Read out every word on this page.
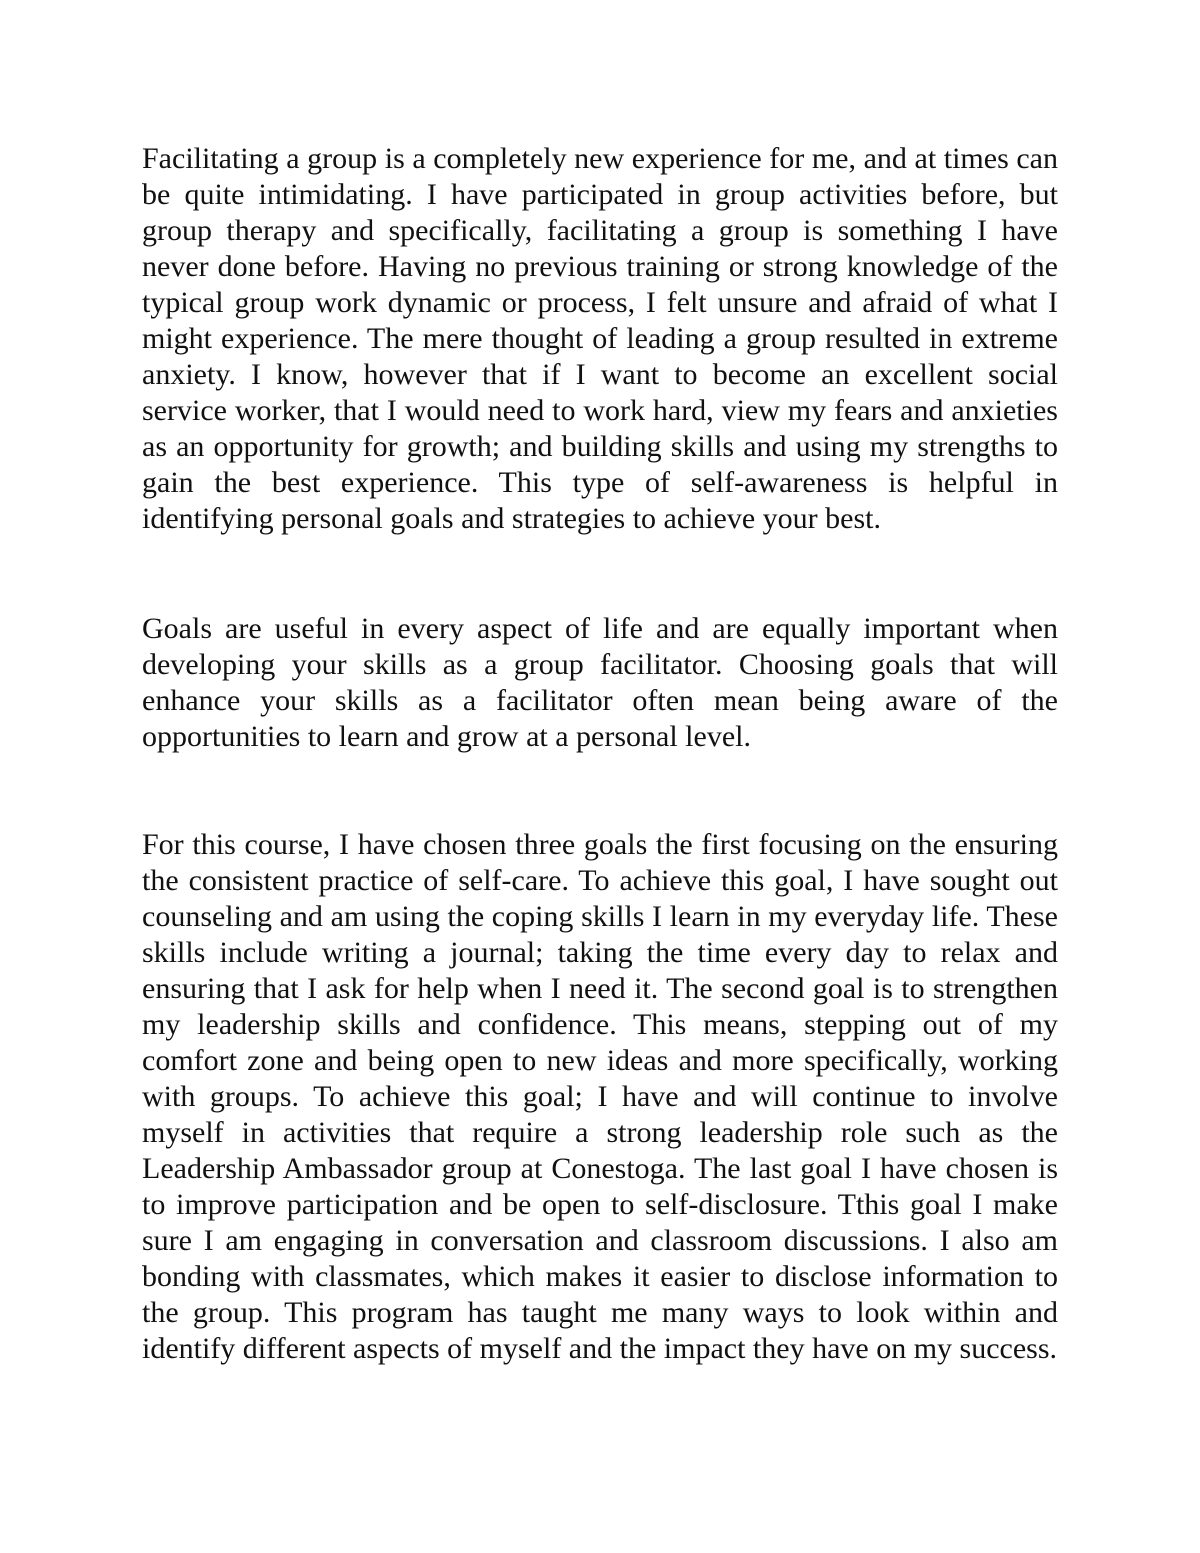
Facilitating a group is a completely new experience for me, and at times can be quite intimidating. I have participated in group activities before, but group therapy and specifically, facilitating a group is something I have never done before. Having no previous training or strong knowledge of the typical group work dynamic or process, I felt unsure and afraid of what I might experience. The mere thought of leading a group resulted in extreme anxiety. I know, however that if I want to become an excellent social service worker, that I would need to work hard, view my fears and anxieties as an opportunity for growth; and building skills and using my strengths to gain the best experience. This type of self-awareness is helpful in identifying personal goals and strategies to achieve your best.

Goals are useful in every aspect of life and are equally important when developing your skills as a group facilitator. Choosing goals that will enhance your skills as a facilitator often mean being aware of the opportunities to learn and grow at a personal level.

For this course, I have chosen three goals the first focusing on the ensuring the consistent practice of self-care. To achieve this goal, I have sought out counseling and am using the coping skills I learn in my everyday life. These skills include writing a journal; taking the time every day to relax and ensuring that I ask for help when I need it. The second goal is to strengthen my leadership skills and confidence. This means, stepping out of my comfort zone and being open to new ideas and more specifically, working with groups. To achieve this goal; I have and will continue to involve myself in activities that require a strong leadership role such as the Leadership Ambassador group at Conestoga. The last goal I have chosen is to improve participation and be open to self-disclosure. Tthis goal I make sure I am engaging in conversation and classroom discussions. I also am bonding with classmates, which makes it easier to disclose information to the group. This program has taught me many ways to look within and identify different aspects of myself and the impact they have on my success.
